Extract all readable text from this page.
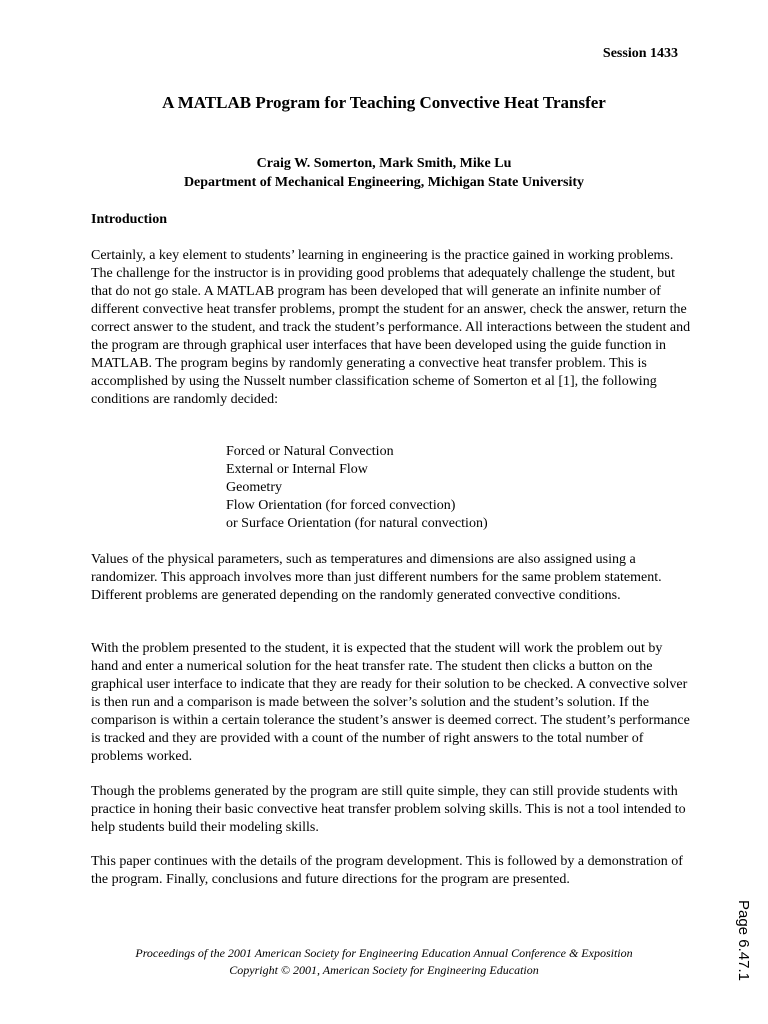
Session 1433
A MATLAB Program for Teaching Convective Heat Transfer
Craig W. Somerton, Mark Smith, Mike Lu
Department of Mechanical Engineering, Michigan State University
Introduction

Certainly, a key element to students’ learning in engineering is the practice gained in working problems. The challenge for the instructor is in providing good problems that adequately challenge the student, but that do not go stale. A MATLAB program has been developed that will generate an infinite number of different convective heat transfer problems, prompt the student for an answer, check the answer, return the correct answer to the student, and track the student’s performance. All interactions between the student and the program are through graphical user interfaces that have been developed using the guide function in MATLAB. The program begins by randomly generating a convective heat transfer problem. This is accomplished by using the Nusselt number classification scheme of Somerton et al [1], the following conditions are randomly decided:

Forced or Natural Convection
External or Internal Flow
Geometry
Flow Orientation (for forced convection)
or Surface Orientation (for natural convection)

Values of the physical parameters, such as temperatures and dimensions are also assigned using a randomizer. This approach involves more than just different numbers for the same problem statement. Different problems are generated depending on the randomly generated convective conditions.

With the problem presented to the student, it is expected that the student will work the problem out by hand and enter a numerical solution for the heat transfer rate. The student then clicks a button on the graphical user interface to indicate that they are ready for their solution to be checked. A convective solver is then run and a comparison is made between the solver’s solution and the student’s solution. If the comparison is within a certain tolerance the student’s answer is deemed correct. The student’s performance is tracked and they are provided with a count of the number of right answers to the total number of problems worked.

Though the problems generated by the program are still quite simple, they can still provide students with practice in honing their basic convective heat transfer problem solving skills. This is not a tool intended to help students build their modeling skills.

This paper continues with the details of the program development. This is followed by a demonstration of the program. Finally, conclusions and future directions for the program are presented.

Proceedings of the 2001 American Society for Engineering Education Annual Conference & Exposition
Copyright © 2001, American Society for Engineering Education	Page 6.47.1
